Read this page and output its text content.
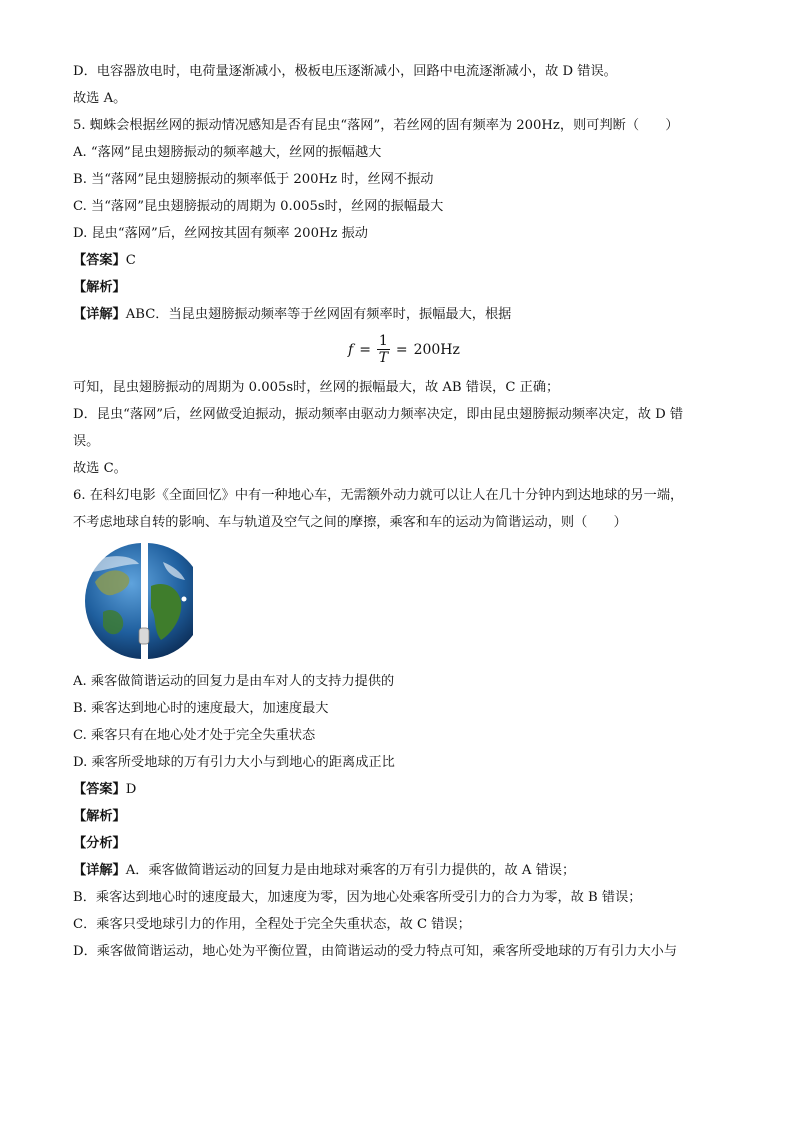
D．电容器放电时，电荷量逐渐减小，极板电压逐渐减小，回路中电流逐渐减小，故 D 错误。
故选 A。
5. 蜘蛛会根据丝网的振动情况感知是否有昆虫“落网”，若丝网的固有频率为 200Hz，则可判断（　　）
A. “落网”昆虫翅膀振动的频率越大，丝网的振幅越大
B. 当“落网”昆虫翅膀振动的频率低于 200Hz 时，丝网不振动
C. 当“落网”昆虫翅膀振动的周期为 0.005s时，丝网的振幅最大
D. 昆虫“落网”后，丝网按其固有频率 200Hz 振动
【答案】C
【解析】
【详解】ABC．当昆虫翅膀振动频率等于丝网固有频率时，振幅最大，根据
$f = \frac{1}{T} = 200Hz$
可知，昆虫翅膀振动的周期为 0.005s时，丝网的振幅最大，故 AB 错误，C 正确；
D．昆虫“落网”后，丝网做受迫振动，振动频率由驱动力频率决定，即由昆虫翅膀振动频率决定，故 D 错
误。
故选 C。
6. 在科幻电影《全面回忆》中有一种地心车，无需额外动力就可以让人在几十分钟内到达地球的另一端，
不考虑地球自转的影响、车与轨道及空气之间的摩擦，乘客和车的运动为简谐运动，则（　　）
A. 乘客做简谐运动的回复力是由车对人的支持力提供的
B. 乘客达到地心时的速度最大，加速度最大
C. 乘客只有在地心处才处于完全失重状态
D. 乘客所受地球的万有引力大小与到地心的距离成正比
【答案】D
【解析】
【分析】
【详解】A．乘客做简谐运动的回复力是由地球对乘客的万有引力提供的，故 A 错误；
B．乘客达到地心时的速度最大，加速度为零，因为地心处乘客所受引力的合力为零，故 B 错误；
C．乘客只受地球引力的作用，全程处于完全失重状态，故 C 错误；
D．乘客做简谐运动，地心处为平衡位置，由简谐运动的受力特点可知，乘客所受地球的万有引力大小与
